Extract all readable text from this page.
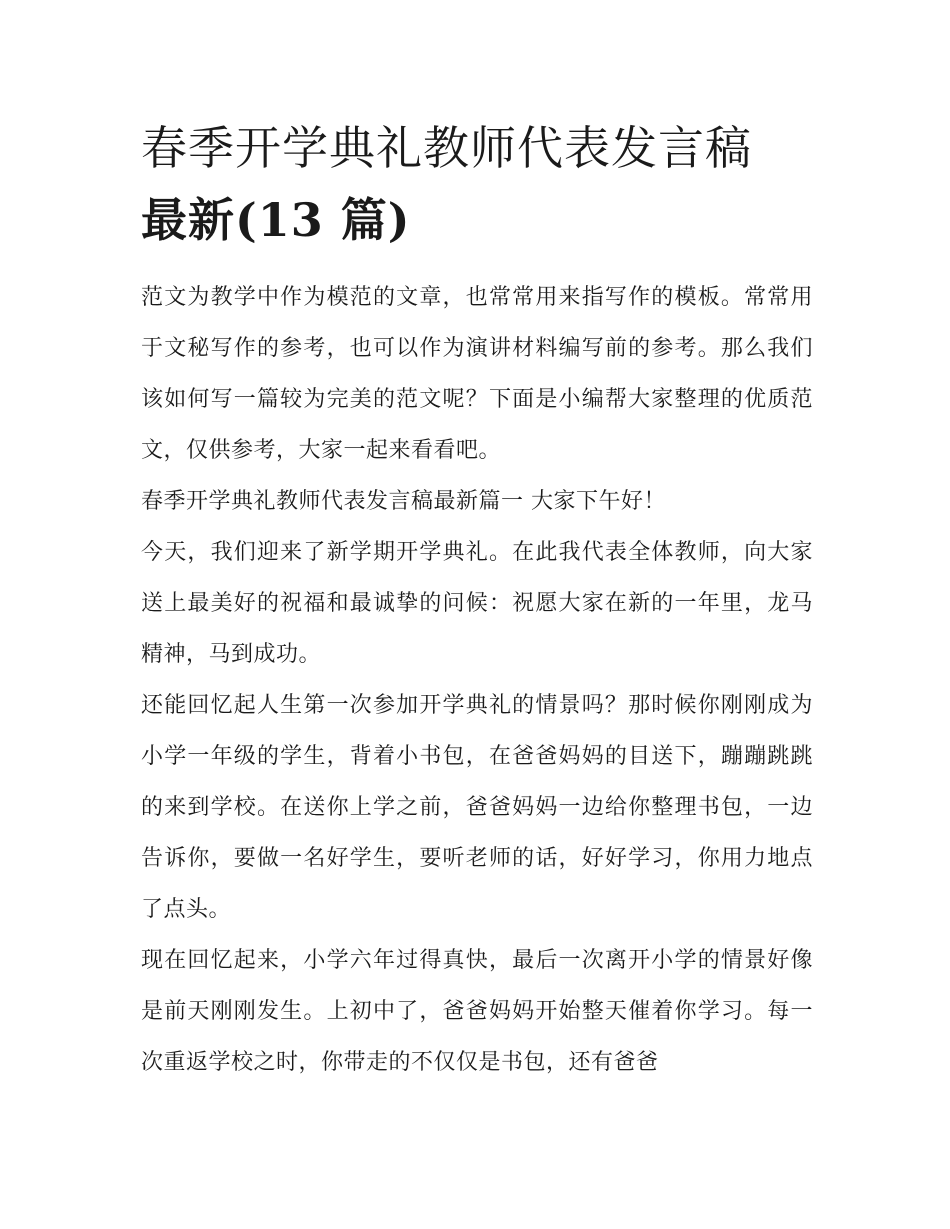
春季开学典礼教师代表发言稿
最新(13 篇)

范文为教学中作为模范的文章，也常常用来指写作的模板。常常用于文秘写作的参考，也可以作为演讲材料编写前的参考。那么我们该如何写一篇较为完美的范文呢？下面是小编帮大家整理的优质范文，仅供参考，大家一起来看看吧。

春季开学典礼教师代表发言稿最新篇一 大家下午好！

今天，我们迎来了新学期开学典礼。在此我代表全体教师，向大家送上最美好的祝福和最诚挚的问候：祝愿大家在新的一年里，龙马精神，马到成功。

还能回忆起人生第一次参加开学典礼的情景吗？那时候你刚刚成为小学一年级的学生，背着小书包，在爸爸妈妈的目送下，蹦蹦跳跳的来到学校。在送你上学之前，爸爸妈妈一边给你整理书包，一边告诉你，要做一名好学生，要听老师的话，好好学习，你用力地点了点头。

现在回忆起来，小学六年过得真快，最后一次离开小学的情景好像是前天刚刚发生。上初中了，爸爸妈妈开始整天催着你学习。每一次重返学校之时，你带走的不仅仅是书包，还有爸爸
